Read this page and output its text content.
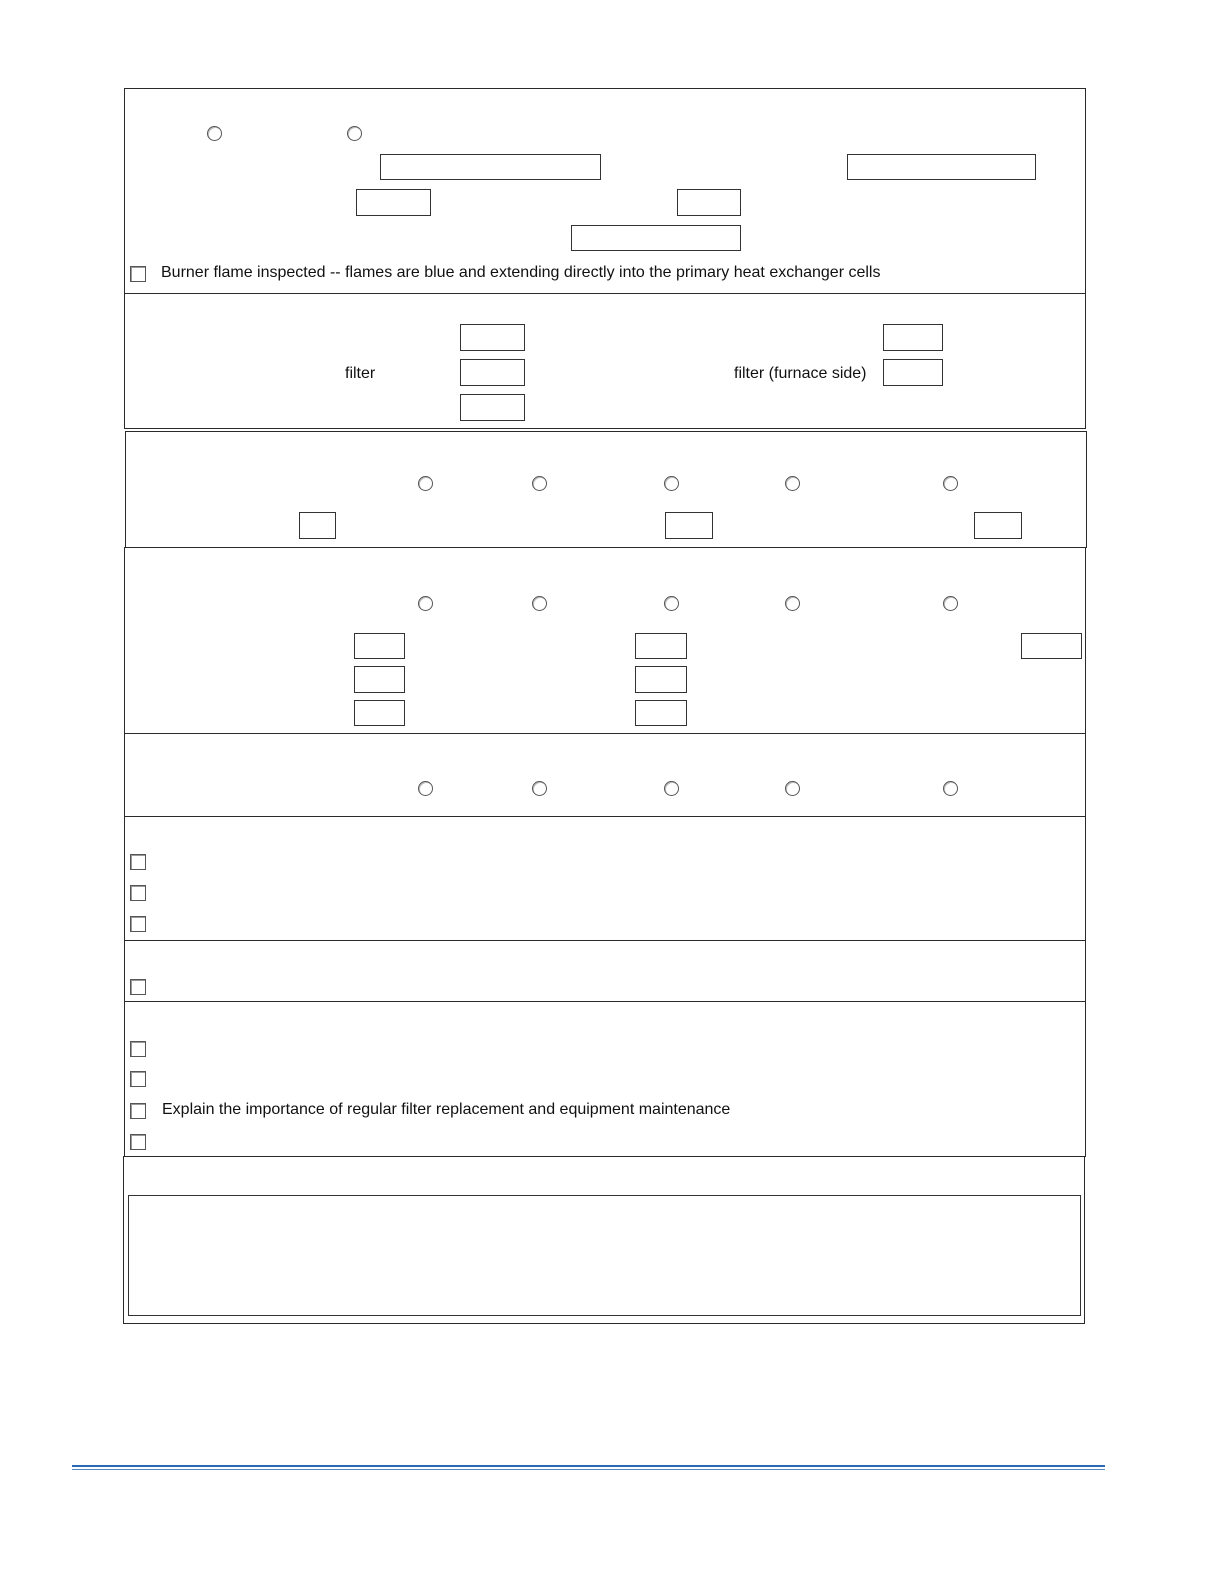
Burner flame inspected -- flames are blue and extending directly into the primary heat exchanger cells
filter	filter (furnace side)
Explain the importance of regular filter replacement and equipment maintenance
